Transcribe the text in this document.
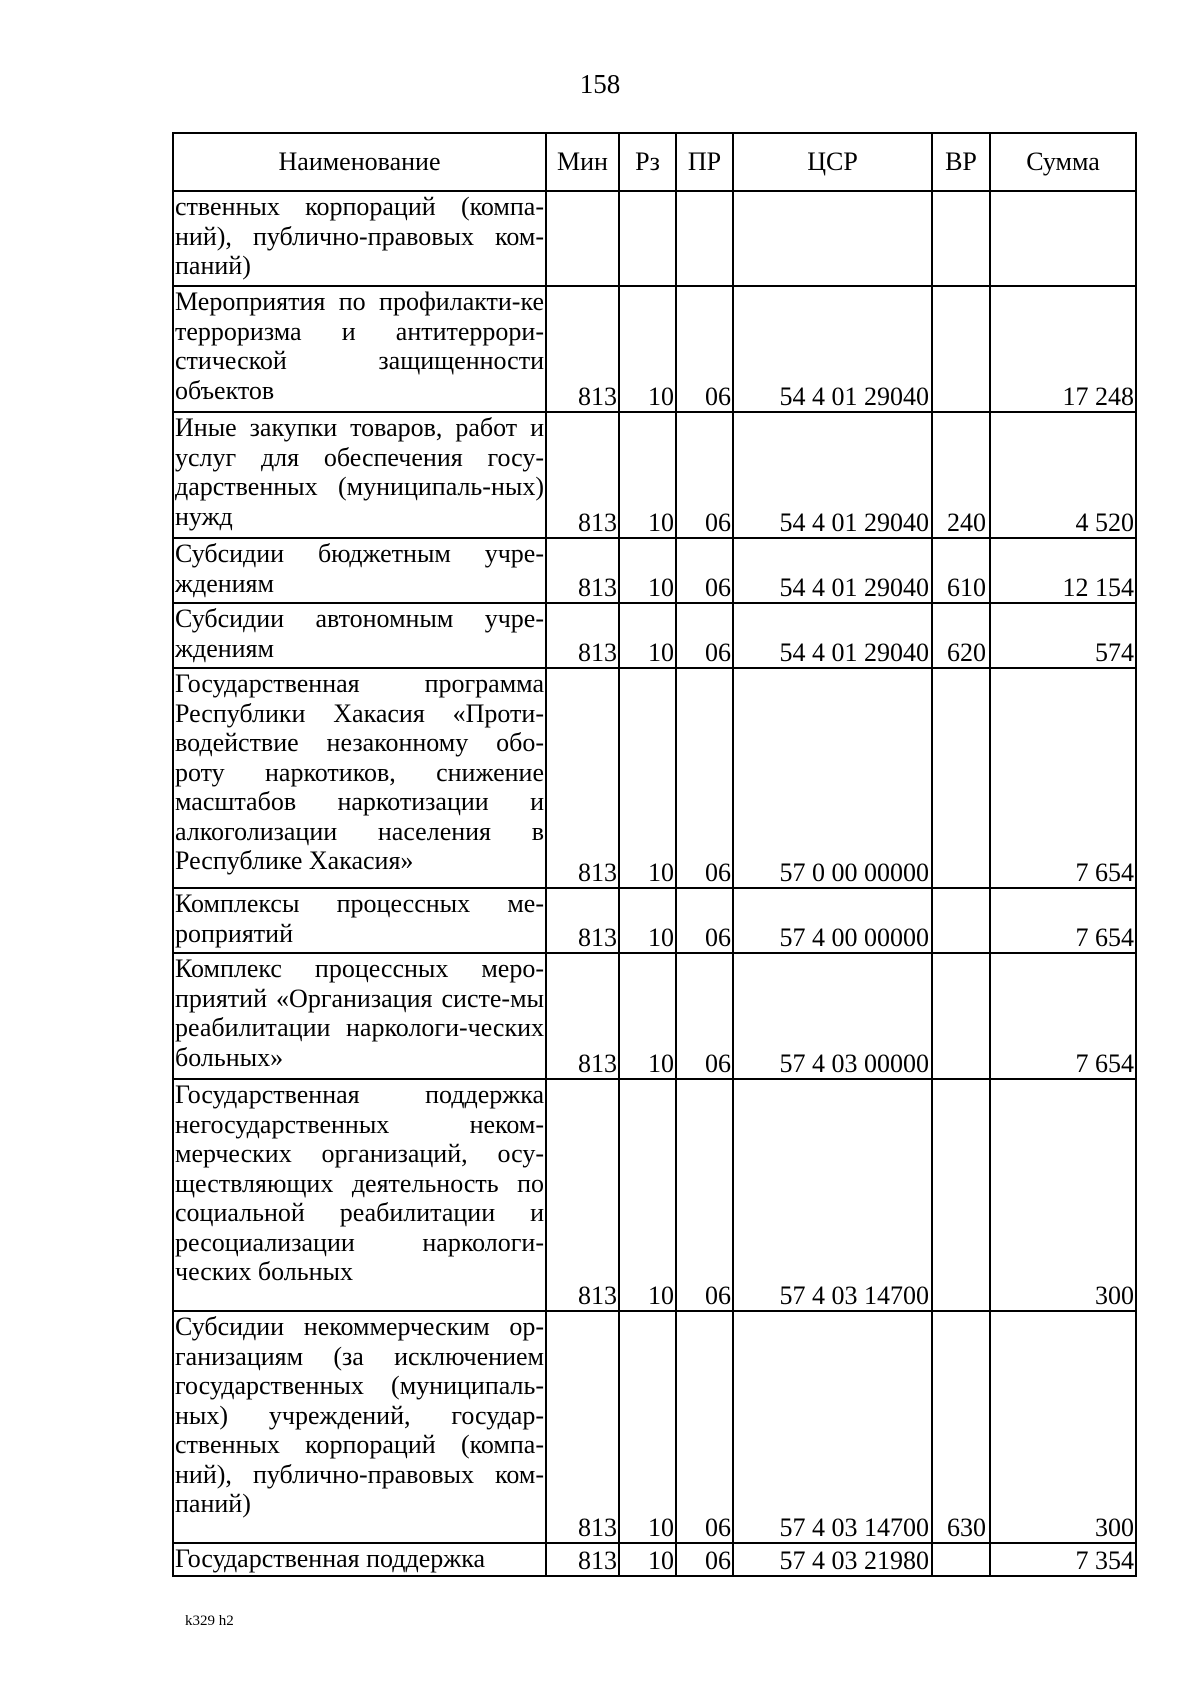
158
Наименование	Мин	Рз	ПР	ЦСР	ВР	Сумма
ственных корпораций (компа-ний), публично-правовых ком-паний)						
Мероприятия по профилакти-ке терроризма и антитеррори-стической защищенности объектов	813	10	06	54 4 01 29040		17 248
Иные закупки товаров, работ и услуг для обеспечения госу-дарственных (муниципаль-ных) нужд	813	10	06	54 4 01 29040	240	4 520
Субсидии бюджетным учре-ждениям	813	10	06	54 4 01 29040	610	12 154
Субсидии автономным учре-ждениям	813	10	06	54 4 01 29040	620	574
Государственная программа Республики Хакасия «Проти-водействие незаконному обо-роту наркотиков, снижение масштабов наркотизации и алкоголизации населения в Республике Хакасия»	813	10	06	57 0 00 00000		7 654
Комплексы процессных ме-роприятий	813	10	06	57 4 00 00000		7 654
Комплекс процессных меро-приятий «Организация систе-мы реабилитации наркологи-ческих больных»	813	10	06	57 4 03 00000		7 654
Государственная поддержка негосударственных неком-мерческих организаций, осу-ществляющих деятельность по социальной реабилитации и ресоциализации наркологи-ческих больных	813	10	06	57 4 03 14700		300
Субсидии некоммерческим ор-ганизациям (за исключением государственных (муниципаль-ных) учреждений, государ-ственных корпораций (компа-ний), публично-правовых ком-паний)	813	10	06	57 4 03 14700	630	300
Государственная поддержка	813	10	06	57 4 03 21980		7 354
k329 h2
